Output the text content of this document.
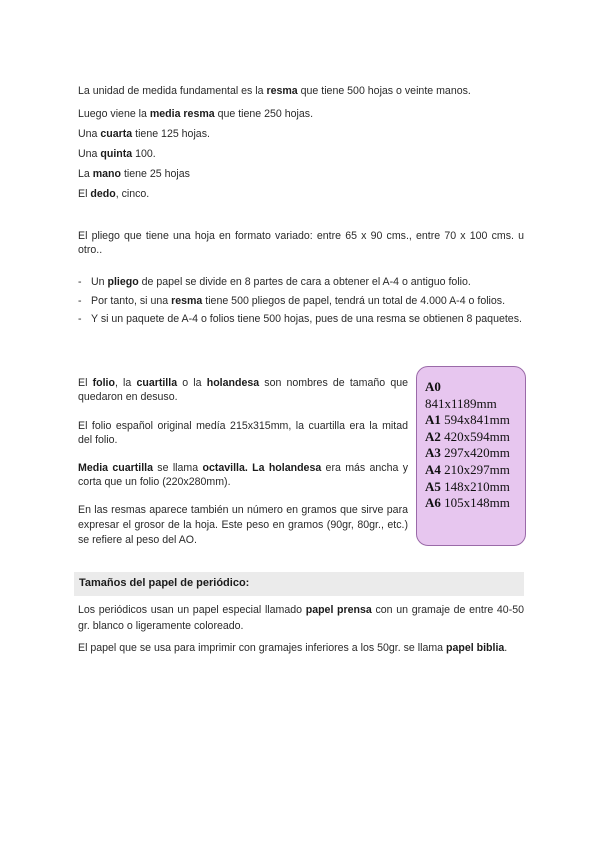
La unidad de medida fundamental es la resma que tiene 500 hojas o veinte manos.

Luego viene la media resma que tiene 250 hojas.

Una cuarta tiene 125 hojas.

Una quinta 100.

La mano tiene 25 hojas

El dedo, cinco.

El pliego que tiene una hoja en formato variado: entre 65 x 90 cms., entre 70 x 100 cms. u otro..

- Un pliego de papel se divide en 8 partes de cara a obtener el A-4 o antiguo folio.
- Por tanto, si una resma tiene 500 pliegos de papel, tendrá un total de 4.000 A-4 o folios.
- Y si un paquete de A-4 o folios tiene 500 hojas, pues de una resma se obtienen 8 paquetes.

El folio, la cuartilla o la holandesa son nombres de tamaño que quedaron en desuso.

El folio español original medía 215x315mm, la cuartilla era la mitad del folio.

Media cuartilla se llama octavilla. La holandesa era más ancha y corta que un folio (220x280mm).

En las resmas aparece también un número en gramos que sirve para expresar el grosor de la hoja. Este peso en gramos (90gr, 80gr., etc.) se refiere al peso del AO.

A0
841x1189mm
A1 594x841mm
A2 420x594mm
A3 297x420mm
A4 210x297mm
A5 148x210mm
A6 105x148mm
Tamaños del papel de periódico:

Los periódicos usan un papel especial llamado papel prensa con un gramaje de entre 40-50 gr. blanco o ligeramente coloreado.

El papel que se usa para imprimir con gramajes inferiores a los 50gr. se llama papel biblia.
